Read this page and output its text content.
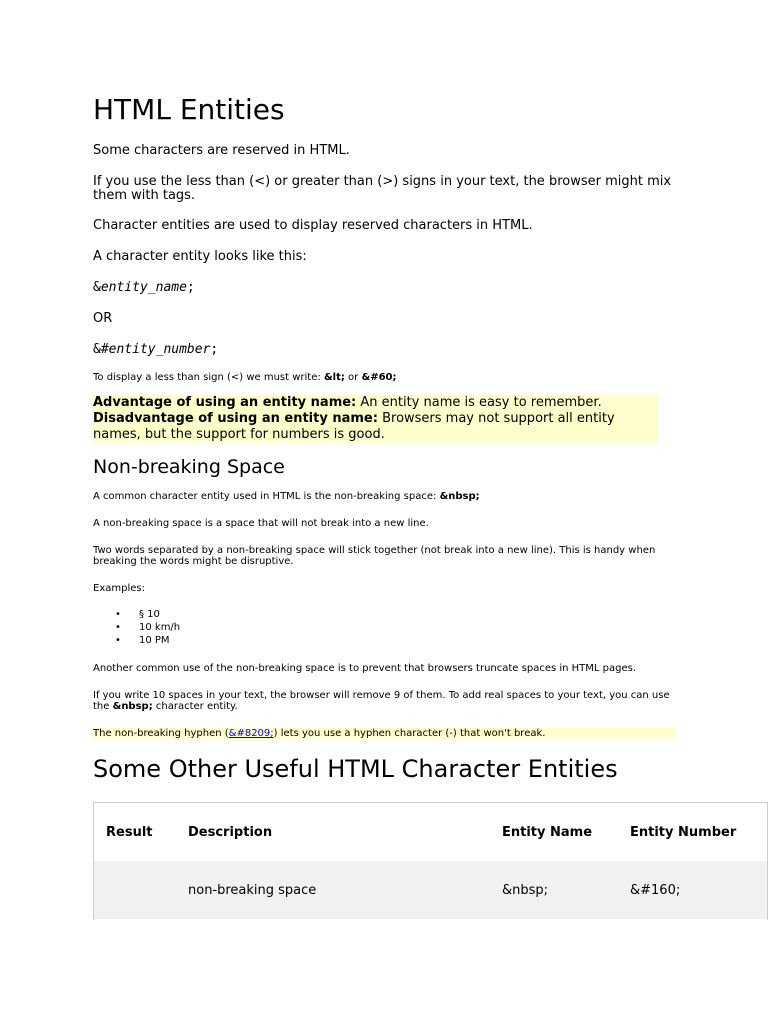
HTML Entities

Some characters are reserved in HTML.

If you use the less than (<) or greater than (>) signs in your text, the browser might mix them with tags.

Character entities are used to display reserved characters in HTML.

A character entity looks like this:

&entity_name;

OR

&#entity_number;

To display a less than sign (<) we must write: &lt; or &#60;

Advantage of using an entity name: An entity name is easy to remember.
Disadvantage of using an entity name: Browsers may not support all entity names, but the support for numbers is good.
Non-breaking Space

A common character entity used in HTML is the non-breaking space: &nbsp;

A non-breaking space is a space that will not break into a new line.

Two words separated by a non-breaking space will stick together (not break into a new line). This is handy when breaking the words might be disruptive.

Examples:

• § 10
• 10 km/h
• 10 PM

Another common use of the non-breaking space is to prevent that browsers truncate spaces in HTML pages.

If you write 10 spaces in your text, the browser will remove 9 of them. To add real spaces to your text, you can use the &nbsp; character entity.

The non-breaking hyphen (&#8209;) lets you use a hyphen character (-) that won't break.

Some Other Useful HTML Character Entities
Result	Description	Entity Name	Entity Number
	non-breaking space	&nbsp;	&#160;
